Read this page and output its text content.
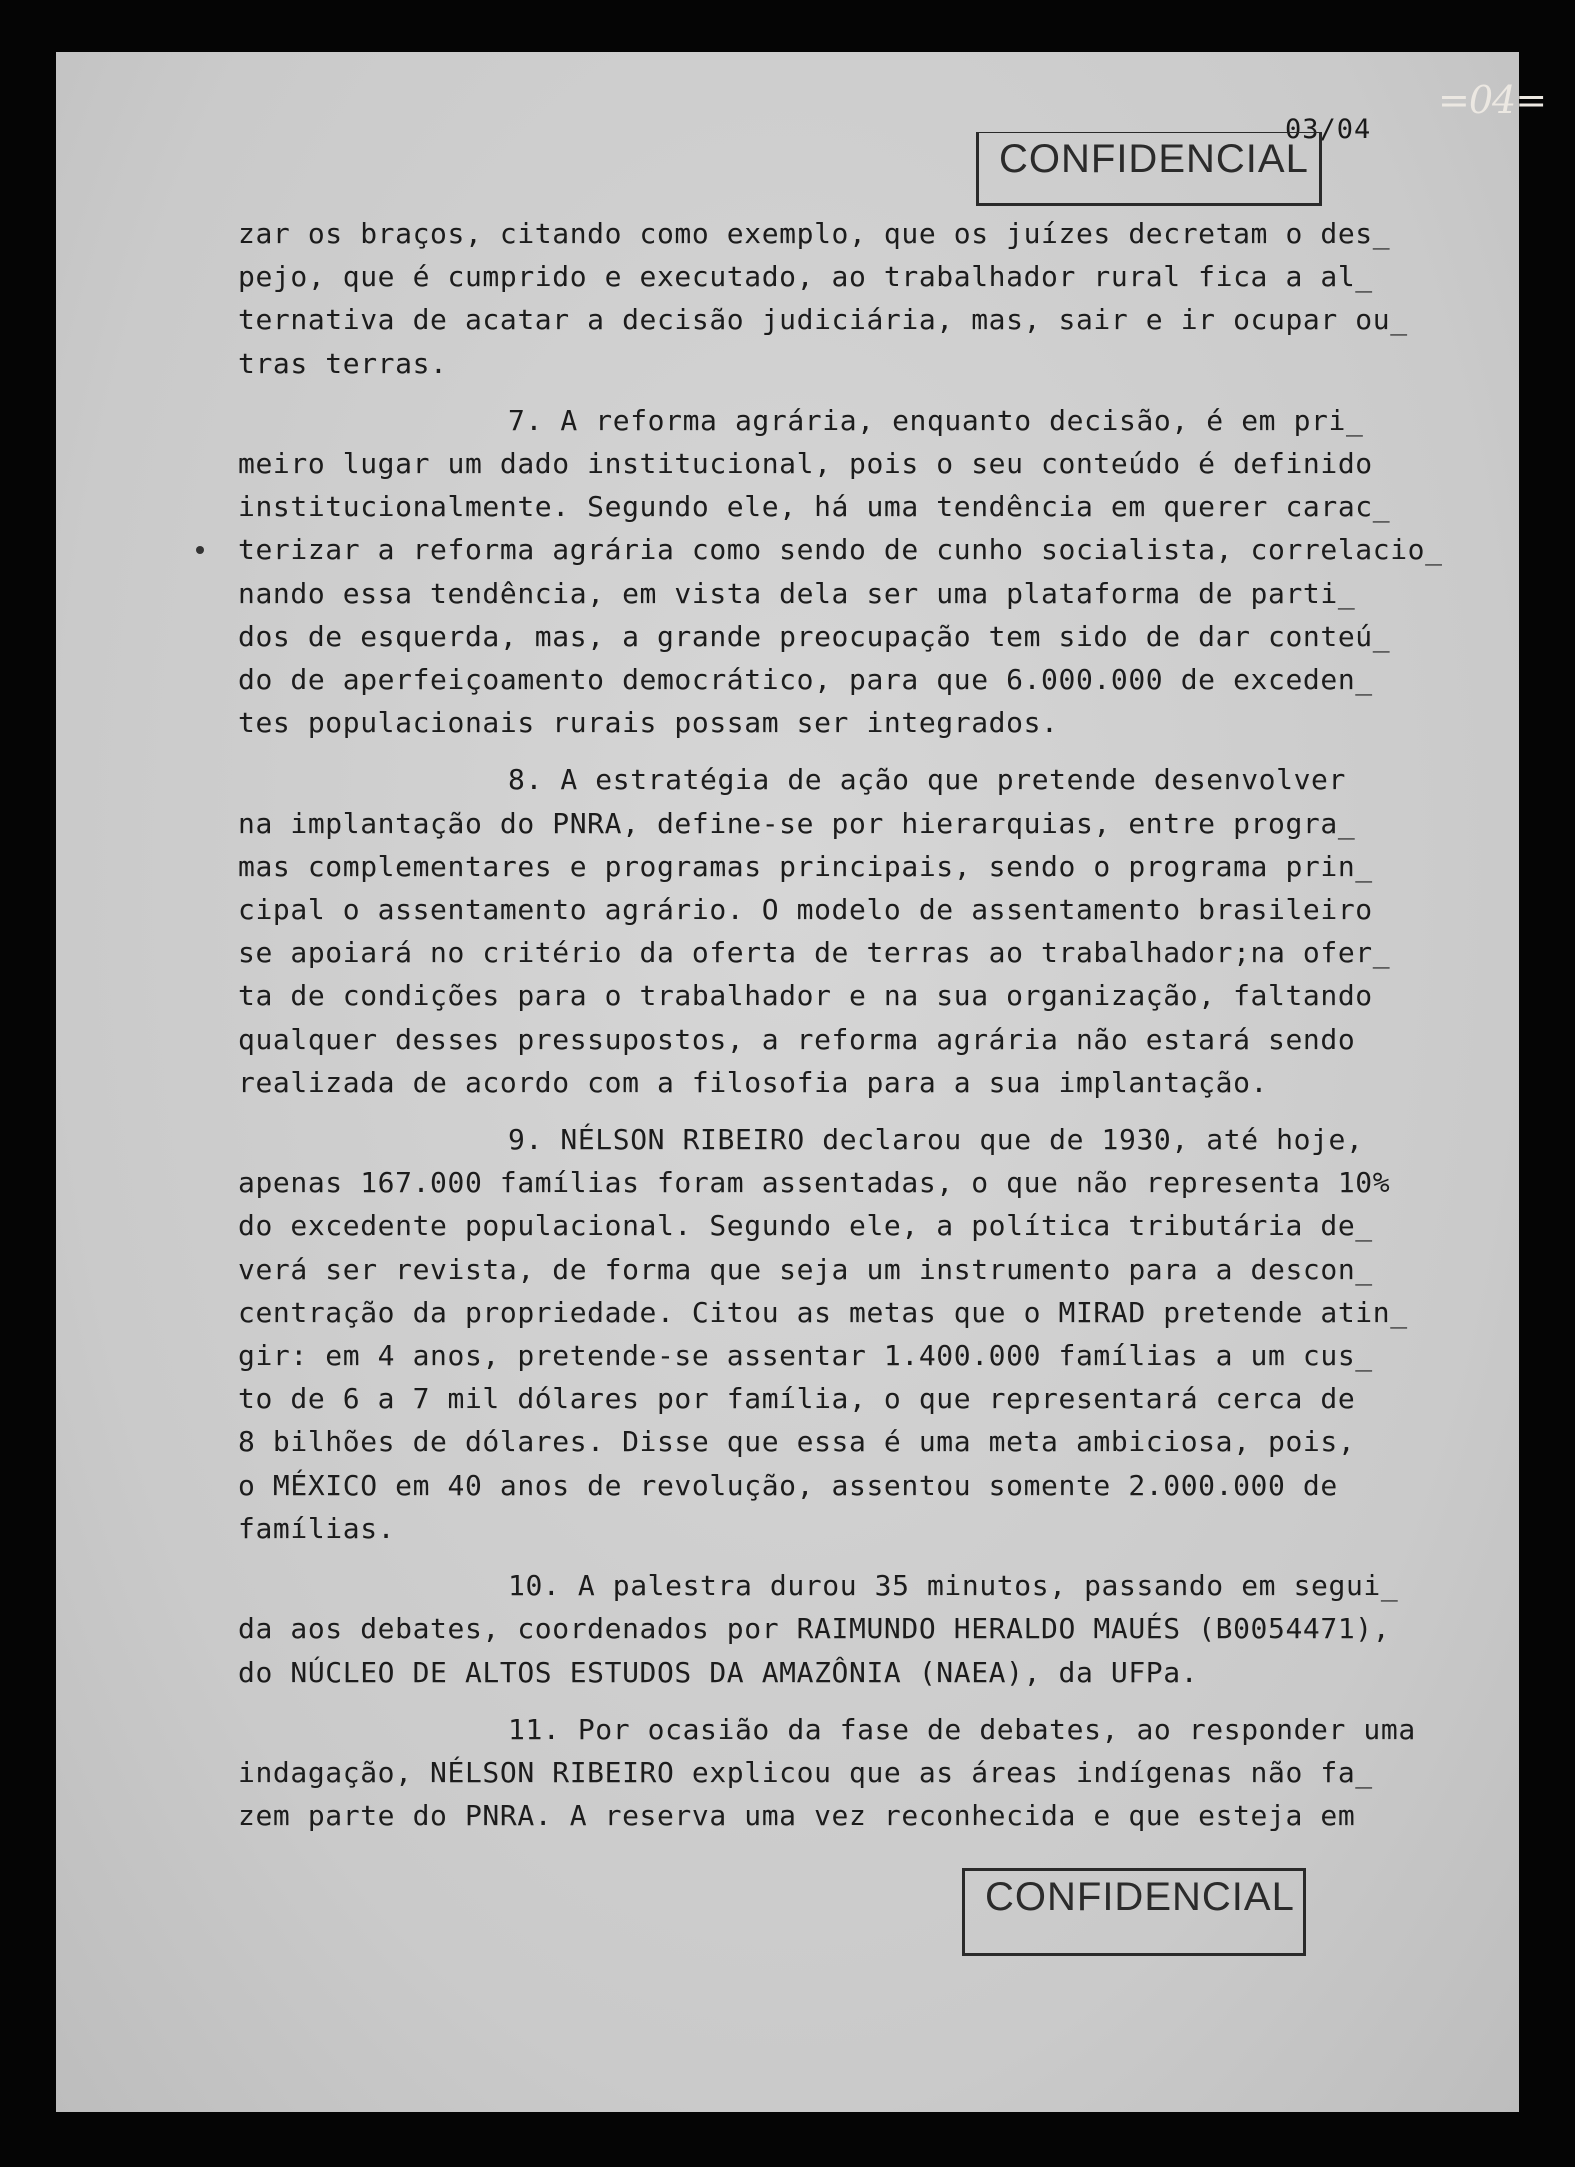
=04=
03/04
CONFIDENCIAL
zar os braços, citando como exemplo, que os juízes decretam o des_
pejo, que é cumprido e executado, ao trabalhador rural fica a al_
ternativa de acatar a decisão judiciária, mas, sair e ir ocupar ou_
tras terras.
7. A reforma agrária, enquanto decisão, é em pri_
meiro lugar um dado institucional, pois o seu conteúdo é definido
institucionalmente. Segundo ele, há uma tendência em querer carac_
terizar a reforma agrária como sendo de cunho socialista, correlacio_
nando essa tendência, em vista dela ser uma plataforma de parti_
dos de esquerda, mas, a grande preocupação tem sido de dar conteú_
do de aperfeiçoamento democrático, para que 6.000.000 de exceden_
tes populacionais rurais possam ser integrados.
8. A estratégia de ação que pretende desenvolver
na implantação do PNRA, define-se por hierarquias, entre progra_
mas complementares e programas principais, sendo o programa prin_
cipal o assentamento agrário. O modelo de assentamento brasileiro
se apoiará no critério da oferta de terras ao trabalhador;na ofer_
ta de condições para o trabalhador e na sua organização, faltando
qualquer desses pressupostos, a reforma agrária não estará sendo
realizada de acordo com a filosofia para a sua implantação.
9. NÉLSON RIBEIRO declarou que de 1930, até hoje,
apenas 167.000 famílias foram assentadas, o que não representa 10%
do excedente populacional. Segundo ele, a política tributária de_
verá ser revista, de forma que seja um instrumento para a descon_
centração da propriedade. Citou as metas que o MIRAD pretende atin_
gir: em 4 anos, pretende-se assentar 1.400.000 famílias a um cus_
to de 6 a 7 mil dólares por família, o que representará cerca de
8 bilhões de dólares. Disse que essa é uma meta ambiciosa, pois,
o MÉXICO em 40 anos de revolução, assentou somente 2.000.000 de
famílias.
10. A palestra durou 35 minutos, passando em segui_
da aos debates, coordenados por RAIMUNDO HERALDO MAUÉS (B0054471),
do NÚCLEO DE ALTOS ESTUDOS DA AMAZÔNIA (NAEA), da UFPa.
11. Por ocasião da fase de debates, ao responder uma
indagação, NÉLSON RIBEIRO explicou que as áreas indígenas não fa_
zem parte do PNRA. A reserva uma vez reconhecida e que esteja em
CONFIDENCIAL
